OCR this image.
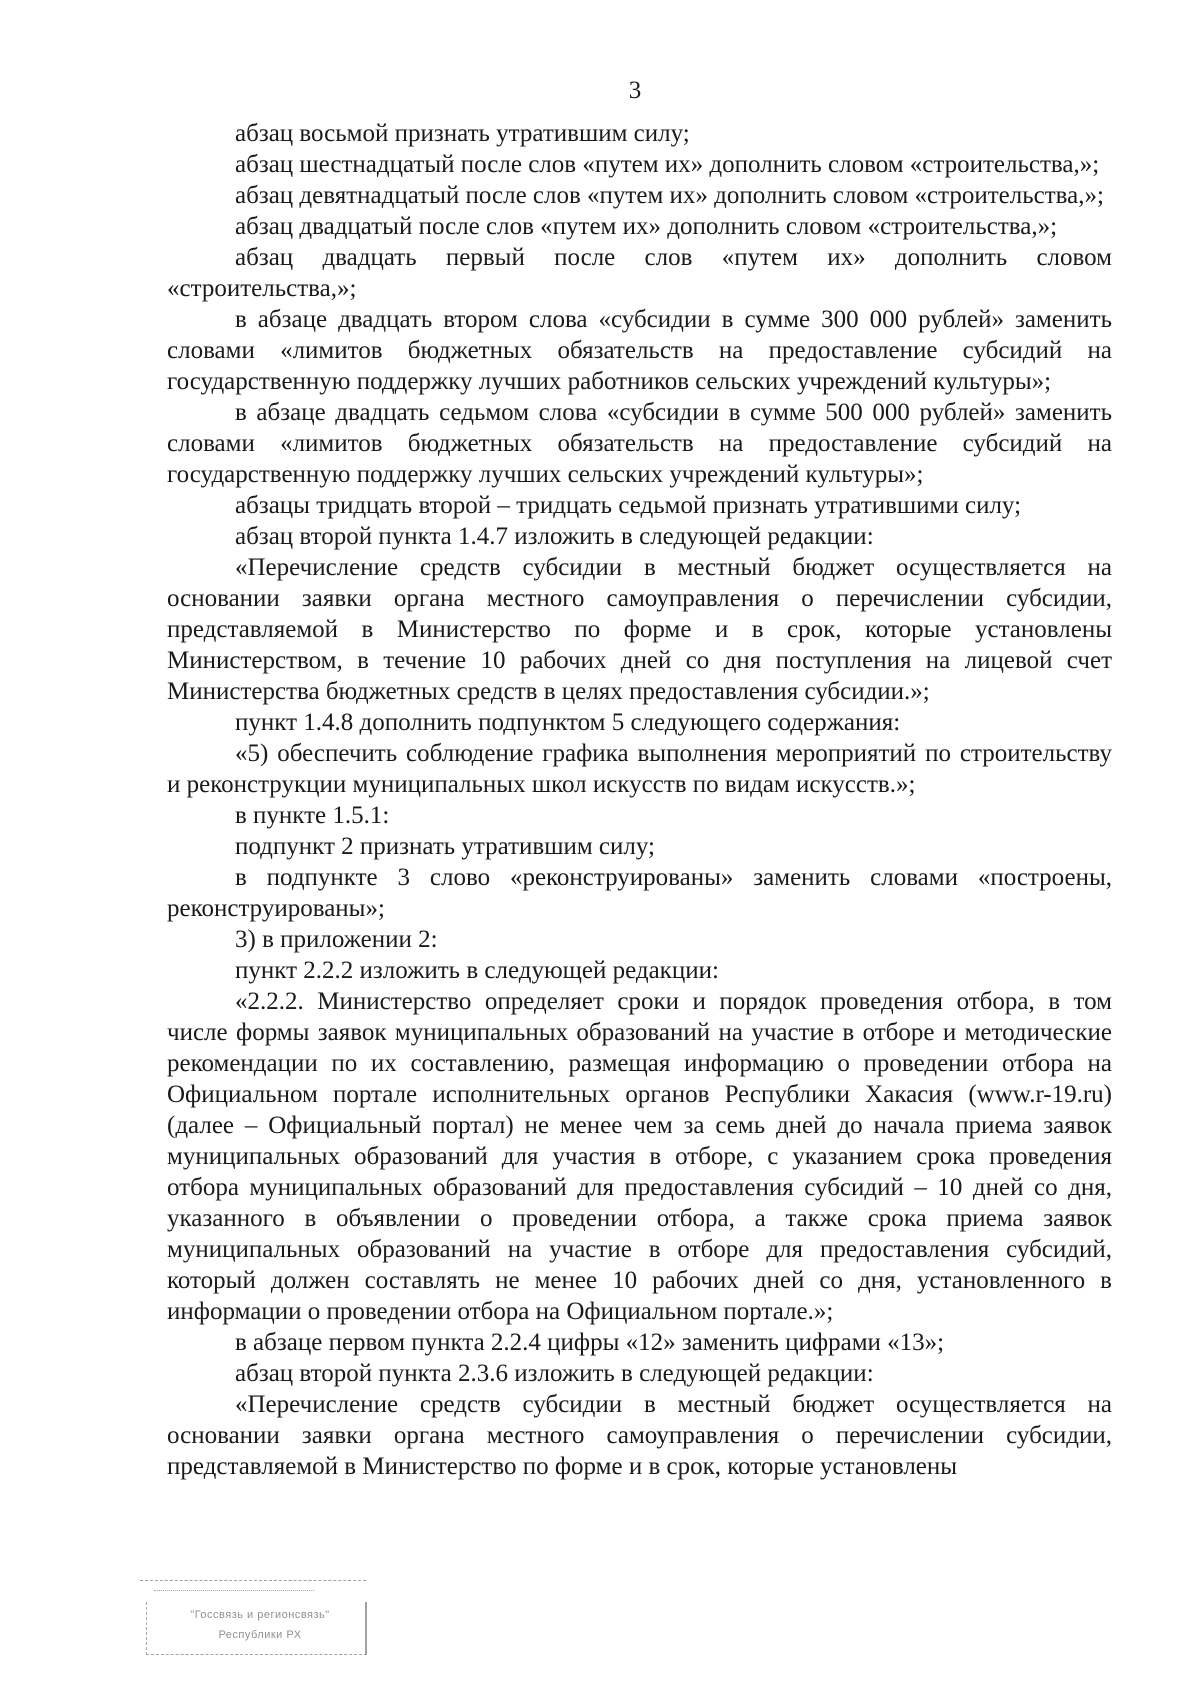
3

абзац восьмой признать утратившим силу;

абзац шестнадцатый после слов «путем их» дополнить словом «строительства,»;

абзац девятнадцатый после слов «путем их» дополнить словом «строительства,»;

абзац двадцатый после слов «путем их» дополнить словом «строительства,»;

абзац двадцать первый после слов «путем их» дополнить словом «строительства,»;

в абзаце двадцать втором слова «субсидии в сумме 300 000 рублей» заменить словами «лимитов бюджетных обязательств на предоставление субсидий на государственную поддержку лучших работников сельских учреждений культуры»;

в абзаце двадцать седьмом слова «субсидии в сумме 500 000 рублей» заменить словами «лимитов бюджетных обязательств на предоставление субсидий на государственную поддержку лучших сельских учреждений культуры»;

абзацы тридцать второй – тридцать седьмой признать утратившими силу;

абзац второй пункта 1.4.7 изложить в следующей редакции:

«Перечисление средств субсидии в местный бюджет осуществляется на основании заявки органа местного самоуправления о перечислении субсидии, представляемой в Министерство по форме и в срок, которые установлены Министерством, в течение 10 рабочих дней со дня поступления на лицевой счет Министерства бюджетных средств в целях предоставления субсидии.»;

пункт 1.4.8 дополнить подпунктом 5 следующего содержания:

«5) обеспечить соблюдение графика выполнения мероприятий по строительству и реконструкции муниципальных школ искусств по видам искусств.»;

в пункте 1.5.1:

подпункт 2 признать утратившим силу;

в подпункте 3 слово «реконструированы» заменить словами «построены, реконструированы»;

3) в приложении 2:

пункт 2.2.2 изложить в следующей редакции:

«2.2.2. Министерство определяет сроки и порядок проведения отбора, в том числе формы заявок муниципальных образований на участие в отборе и методические рекомендации по их составлению, размещая информацию о проведении отбора на Официальном портале исполнительных органов Республики Хакасия (www.r-19.ru) (далее – Официальный портал) не менее чем за семь дней до начала приема заявок муниципальных образований для участия в отборе, с указанием срока проведения отбора муниципальных образований для предоставления субсидий – 10 дней со дня, указанного в объявлении о проведении отбора, а также срока приема заявок муниципальных образований на участие в отборе для предоставления субсидий, который должен составлять не менее 10 рабочих дней со дня, установленного в информации о проведении отбора на Официальном портале.»;

в абзаце первом пункта 2.2.4 цифры «12» заменить цифрами «13»;

абзац второй пункта 2.3.6 изложить в следующей редакции:

«Перечисление средств субсидии в местный бюджет осуществляется на основании заявки органа местного самоуправления о перечислении субсидии, представляемой в Министерство по форме и в срок, которые установлены

"Госсвязь и регионсвязь"
Республики РХ
